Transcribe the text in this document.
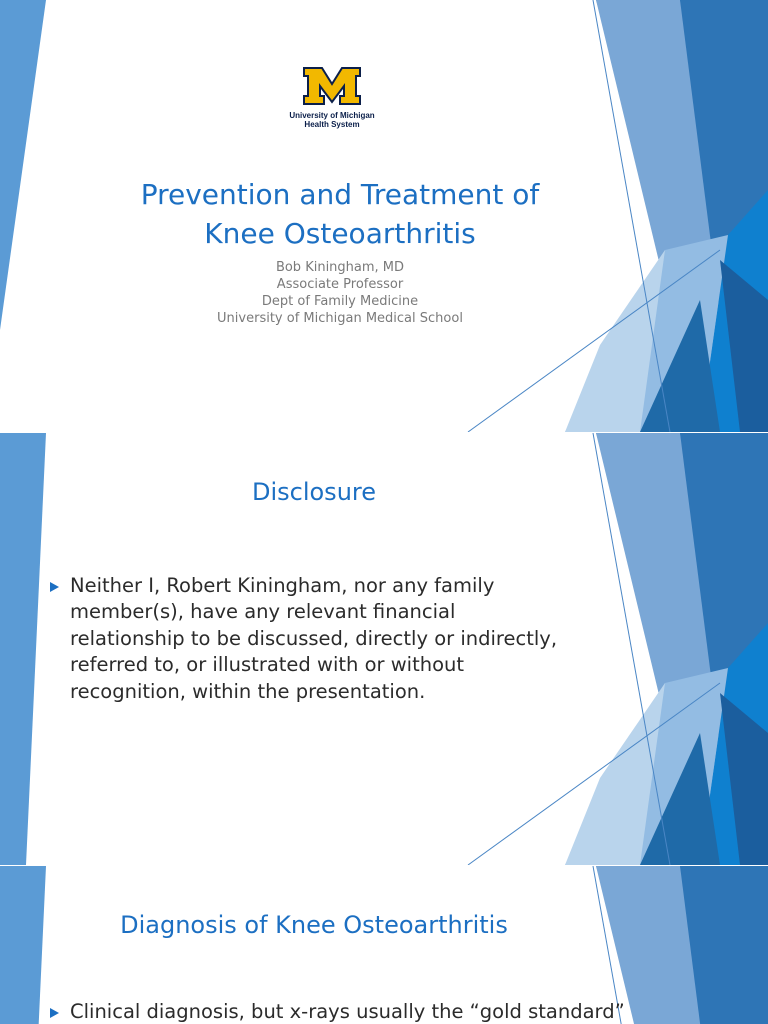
University of Michigan
Health System
Prevention and Treatment of
Knee Osteoarthritis
Bob Kiningham, MD
Associate Professor
Dept of Family Medicine
University of Michigan Medical School
Disclosure
Neither I, Robert Kiningham, nor any family
member(s), have any relevant financial
relationship to be discussed, directly or indirectly,
referred to, or illustrated with or without
recognition, within the presentation.
Diagnosis of Knee Osteoarthritis
Clinical diagnosis, but x-rays usually the “gold standard”
